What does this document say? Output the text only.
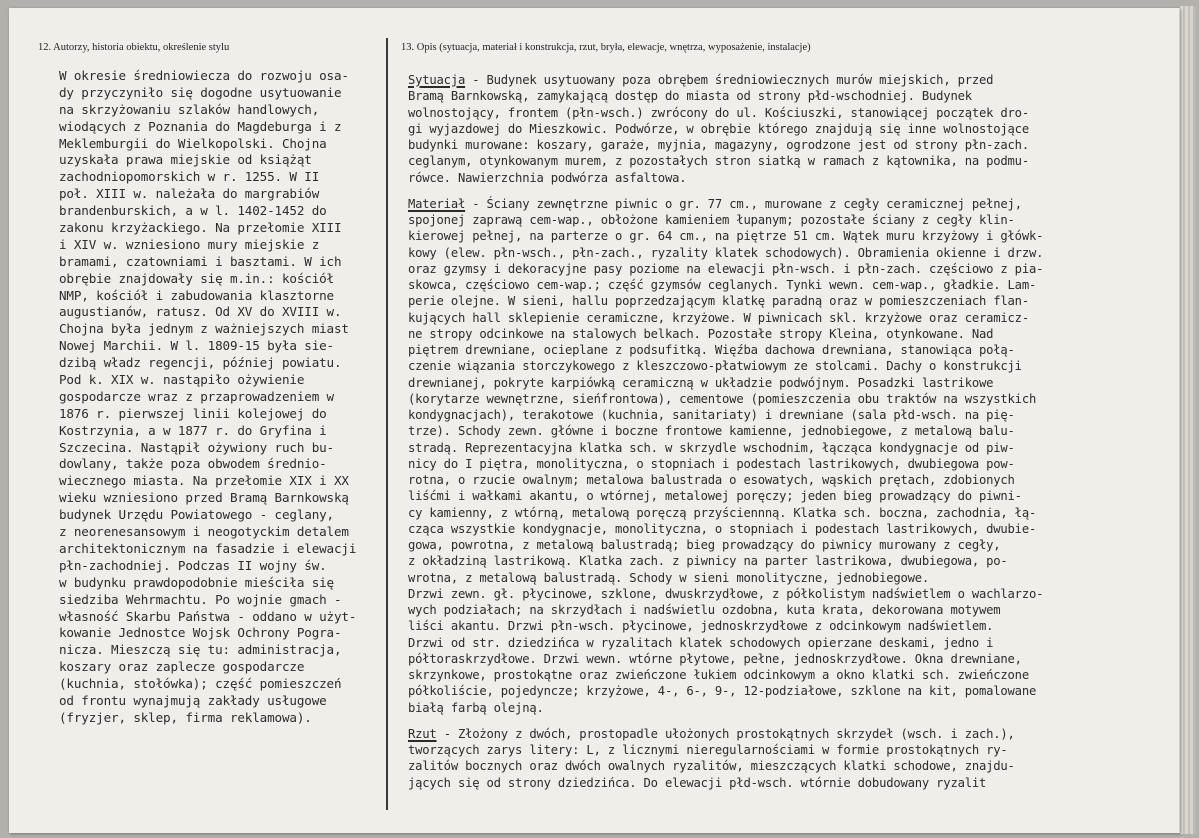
12. Autorzy, historia obiektu, określenie stylu	13. Opis (sytuacja, materiał i konstrukcja, rzut, bryła, elewacje, wnętrza, wyposażenie, instalacje)
W okresie średniowiecza do rozwoju osa-
dy przyczyniło się dogodne usytuowanie
na skrzyżowaniu szlaków handlowych,
wiodących z Poznania do Magdeburga i z
Meklemburgii do Wielkopolski. Chojna
uzyskała prawa miejskie od książąt
zachodniopomorskich w r. 1255. W II
poł. XIII w. należała do margrabiów
brandenburskich, a w l. 1402-1452 do
zakonu krzyżackiego. Na przełomie XIII
i XIV w. wzniesiono mury miejskie z
bramami, czatowniami i basztami. W ich
obrębie znajdowały się m.in.: kościół
NMP, kościół i zabudowania klasztorne
augustianów, ratusz. Od XV do XVIII w.
Chojna była jednym z ważniejszych miast
Nowej Marchii. W l. 1809-15 była sie-
dzibą władz regencji, później powiatu.
Pod k. XIX w. nastąpiło ożywienie
gospodarcze wraz z przaprowadzeniem w
1876 r. pierwszej linii kolejowej do
Kostrzynia, a w 1877 r. do Gryfina i
Szczecina. Nastąpił ożywiony ruch bu-
dowlany, także poza obwodem średnio-
wiecznego miasta. Na przełomie XIX i XX
wieku wzniesiono przed Bramą Barnkowską
budynek Urzędu Powiatowego - ceglany,
z neorenesansowym i neogotyckim detalem
architektonicznym na fasadzie i elewacji
płn-zachodniej. Podczas II wojny św.
w budynku prawdopodobnie mieściła się
siedziba Wehrmachtu. Po wojnie gmach -
własność Skarbu Państwa - oddano w użyt-
kowanie Jednostce Wojsk Ochrony Pogra-
nicza. Mieszczą się tu: administracja,
koszary oraz zaplecze gospodarcze
(kuchnia, stołówka); część pomieszczeń
od frontu wynajmują zakłady usługowe
(fryzjer, sklep, firma reklamowa).
Sytuacja - Budynek usytuowany poza obrębem średniowiecznych murów miejskich, przed
Bramą Barnkowską, zamykającą dostęp do miasta od strony płd-wschodniej. Budynek
wolnostojący, frontem (płn-wsch.) zwrócony do ul. Kościuszki, stanowiącej początek dro-
gi wyjazdowej do Mieszkowic. Podwórze, w obrębie którego znajdują się inne wolnostojące
budynki murowane: koszary, garaże, myjnia, magazyny, ogrodzone jest od strony płn-zach.
ceglanym, otynkowanym murem, z pozostałych stron siatką w ramach z kątownika, na podmu-
rówce. Nawierzchnia podwórza asfaltowa.
Materiał - Ściany zewnętrzne piwnic o gr. 77 cm., murowane z cegły ceramicznej pełnej,
spojonej zaprawą cem-wap., obłożone kamieniem łupanym; pozostałe ściany z cegły klin-
kierowej pełnej, na parterze o gr. 64 cm., na piętrze 51 cm. Wątek muru krzyżowy i główk-
kowy (elew. płn-wsch., płn-zach., ryzality klatek schodowych). Obramienia okienne i drzw.
oraz gzymsy i dekoracyjne pasy poziome na elewacji płn-wsch. i płn-zach. częściowo z pia-
skowca, częściowo cem-wap.; część gzymsów ceglanych. Tynki wewn. cem-wap., gładkie. Lam-
perie olejne. W sieni, hallu poprzedzającym klatkę paradną oraz w pomieszczeniach flan-
kujących hall sklepienie ceramiczne, krzyżowe. W piwnicach skl. krzyżowe oraz ceramicz-
ne stropy odcinkowe na stalowych belkach. Pozostałe stropy Kleina, otynkowane. Nad
piętrem drewniane, ocieplane z podsufitką. Więźba dachowa drewniana, stanowiąca połą-
czenie wiązania storczykowego z kleszczowo-płatwiowym ze stolcami. Dachy o konstrukcji
drewnianej, pokryte karpiówką ceramiczną w układzie podwójnym. Posadzki lastrikowe
(korytarze wewnętrzne, sieńfrontowa), cementowe (pomieszczenia obu traktów na wszystkich
kondygnacjach), terakotowe (kuchnia, sanitariaty) i drewniane (sala płd-wsch. na pię-
trze). Schody zewn. główne i boczne frontowe kamienne, jednobiegowe, z metalową balu-
stradą. Reprezentacyjna klatka sch. w skrzydle wschodnim, łącząca kondygnacje od piw-
nicy do I piętra, monolityczna, o stopniach i podestach lastrikowych, dwubiegowa pow-
rotna, o rzucie owalnym; metalowa balustrada o esowatych, wąskich prętach, zdobionych
liśćmi i wałkami akantu, o wtórnej, metalowej poręczy; jeden bieg prowadzący do piwni-
cy kamienny, z wtórną, metalową poręczą przyściennną. Klatka sch. boczna, zachodnia, łą-
cząca wszystkie kondygnacje, monolityczna, o stopniach i podestach lastrikowych, dwubie-
gowa, powrotna, z metalową balustradą; bieg prowadzący do piwnicy murowany z cegły,
z okładziną lastrikową. Klatka zach. z piwnicy na parter lastrikowa, dwubiegowa, po-
wrotna, z metalową balustradą. Schody w sieni monolityczne, jednobiegowe.
Drzwi zewn. gł. płycinowe, szklone, dwuskrzydłowe, z półkolistym nadświetlem o wachlarzo-
wych podziałach; na skrzydłach i nadświetlu ozdobna, kuta krata, dekorowana motywem
liści akantu. Drzwi płn-wsch. płycinowe, jednoskrzydłowe z odcinkowym nadświetlem.
Drzwi od str. dziedzińca w ryzalitach klatek schodowych opierzane deskami, jedno i
półtoraskrzydłowe. Drzwi wewn. wtórne płytowe, pełne, jednoskrzydłowe. Okna drewniane,
skrzynkowe, prostokątne oraz zwieńczone łukiem odcinkowym a okno klatki sch. zwieńczone
półkoliście, pojedyncze; krzyżowe, 4-, 6-, 9-, 12-podziałowe, szklone na kit, pomalowane
białą farbą olejną.
Rzut - Złożony z dwóch, prostopadle ułożonych prostokątnych skrzydeł (wsch. i zach.),
tworzących zarys litery: L, z licznymi nieregularnościami w formie prostokątnych ry-
zalitów bocznych oraz dwóch owalnych ryzalitów, mieszczących klatki schodowe, znajdu-
jących się od strony dziedzińca. Do elewacji płd-wsch. wtórnie dobudowany ryzalit
